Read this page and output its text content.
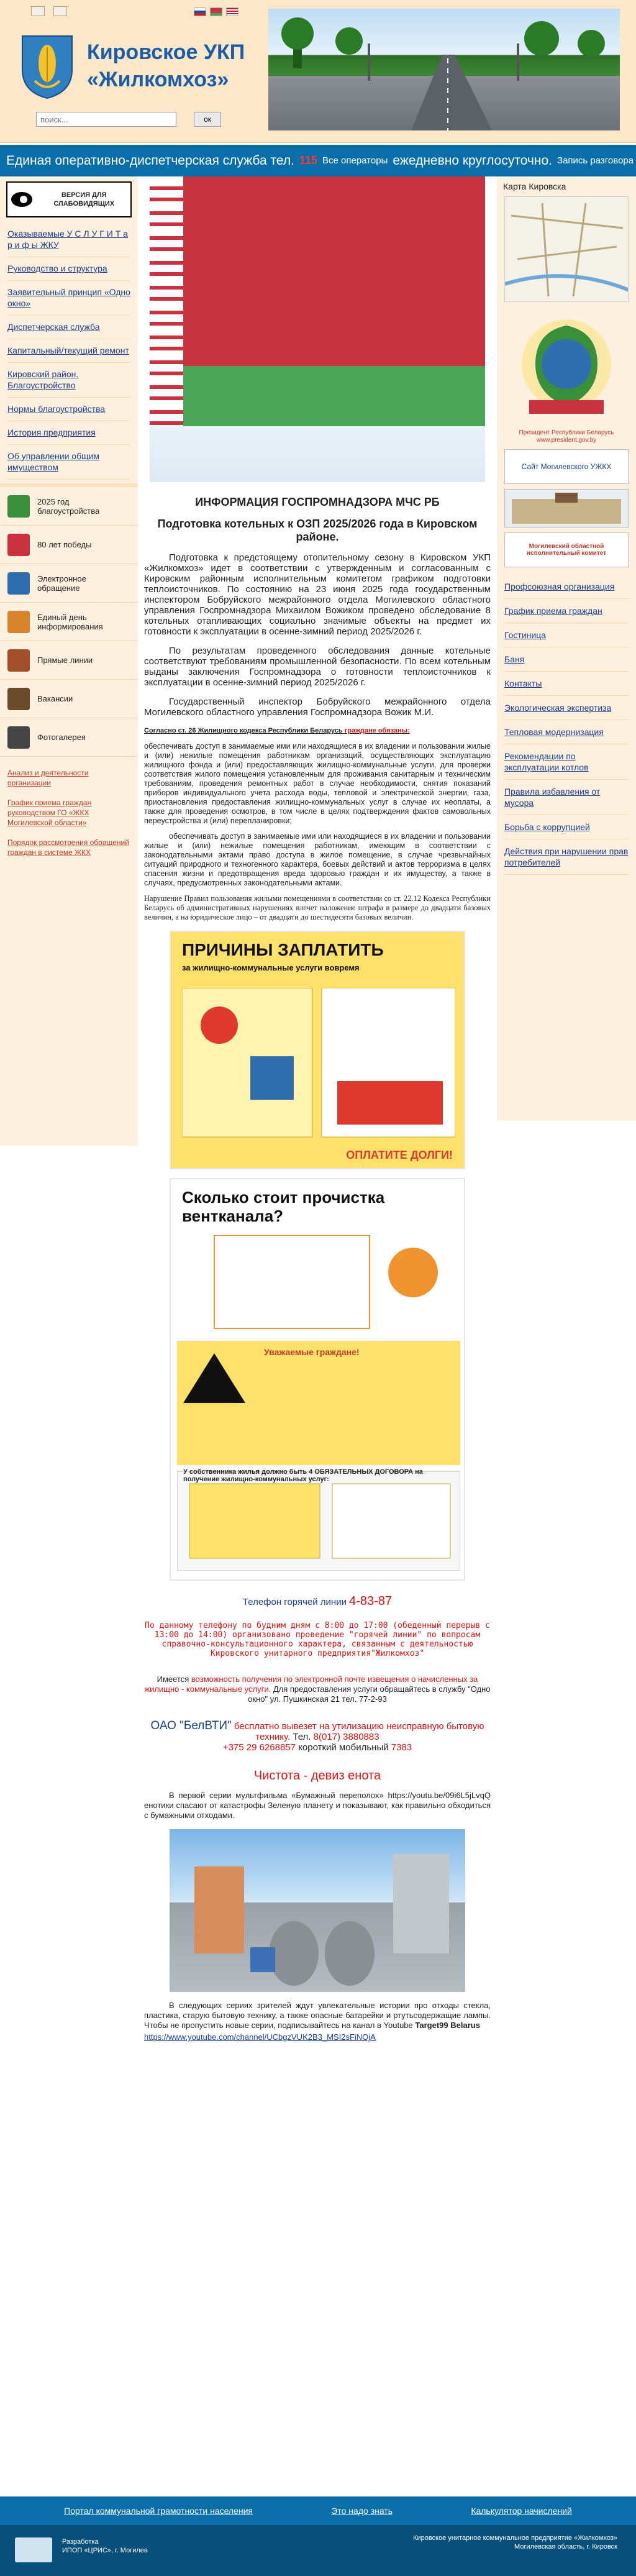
Кировское УКП
«Жилкомхоз»
поиск...
ок
Единая оперативно-диспетчерская служба тел. 115 Все операторы ежедневно круглосуточно. Запись разговора
ВЕРСИЯ ДЛЯ СЛАБОВИДЯЩИХ
Оказываемые У С Л У Г И Т а р и ф ы ЖКУ
Руководство и структура
Заявительный принцип «Одно окно»
Диспетчерская служба
Капитальный/текущий ремонт
Кировский район. Благоустройство
Нормы благоустройства
История предприятия
Об управлении общим имуществом
2025 год благоустройства
80 лет победы
Электронное обращение
Единый день информирования
Прямые линии
Вакансии
Фотогалерея
Анализ и деятельности организации
График приема граждан руководством ГО «ЖКХ Могилевской области»
Порядок рассмотрения обращений граждан в системе ЖКХ
ИНФОРМАЦИЯ ГОСПРОМНАДЗОРА МЧС РБ
Подготовка котельных к ОЗП 2025/2026 года в Кировском районе.

Подготовка к предстоящему отопительному сезону в Кировском УКП «Жилкомхоз» идет в соответствии с утвержденным и согласованным с Кировским районным исполнительным комитетом графиком подготовки теплоисточников. По состоянию на 23 июня 2025 года государственным инспектором Бобруйского межрайонного отдела Могилевского областного управления Госпромнадзора Михаилом Вожиком проведено обследование 8 котельных отапливающих социально значимые объекты на предмет их готовности к эксплуатации в осенне-зимний период 2025/2026 г.

По результатам проведенного обследования данные котельные соответствуют требованиям промышленной безопасности. По всем котельным выданы заключения Госпромнадзора о готовности теплоисточников к эксплуатации в осенне-зимний период 2025/2026 г.

Государственный инспектор Бобруйского межрайонного отдела Могилевского областного управления Госпромнадзора Вожик М.И.

Согласно ст. 26 Жилищного кодекса Республики Беларусь граждане обязаны:

обеспечивать доступ в занимаемые ими или находящиеся в их владении и пользовании жилые и (или) нежилые помещения работникам организаций, осуществляющих эксплуатацию жилищного фонда и (или) предоставляющих жилищно-коммунальные услуги, для проверки соответствия жилого помещения установленным для проживания санитарным и техническим требованиям, проведения ремонтных работ в случае необходимости, снятия показаний приборов индивидуального учета расхода воды, тепловой и электрической энергии, газа, приостановления предоставления жилищно-коммунальных услуг в случае их неоплаты, а также для проведения осмотров, в том числе в целях подтверждения фактов самовольных переустройства и (или) перепланировки;

обеспечивать доступ в занимаемые ими или находящиеся в их владении и пользовании жилые и (или) нежилые помещения работникам, имеющим в соответствии с законодательными актами право доступа в жилое помещение, в случае чрезвычайных ситуаций природного и техногенного характера, боевых действий и актов терроризма в целях спасения жизни и предотвращения вреда здоровью граждан и их имуществу, а также в случаях, предусмотренных законодательными актами.

Нарушение Правил пользования жилыми помещениями в соответствии со ст. 22.12 Кодекса Республики Беларусь об административных нарушениях влечет наложение штрафа в размере до двадцати базовых величин, а на юридическое лицо – от двадцати до шестидесяти базовых величин.

ПРИЧИНЫ ЗАПЛАТИТЬ
за жилищно-коммунальные услуги вовремя
ОПЛАТИТЕ ДОЛГИ!
Сколько стоит прочистка вентканала?
Уважаемые граждане!
У собственника жилья должно быть 4 ОБЯЗАТЕЛЬНЫХ ДОГОВОРА на получение жилищно-коммунальных услуг:
Телефон горячей линии 4-83-87

По данному телефону по будним дням с 8:00 до 17:00 (обеденный перерыв с 13:00 до 14:00) организовано проведение "горячей линии" по вопросам справочно-консультационного характера, связанным с деятельностью Кировского унитарного предприятия"Жилкомхоз"

Имеется возможность получения по электронной почте извещения о начисленных за жилищно - коммунальные услуги. Для предоставления услуги обращайтесь в службу "Одно окно" ул. Пушкинская 21 тел. 77-2-93

ОАО "БелВТИ" бесплатно вывезет на утилизацию неисправную бытовую технику. Тел. 8(017) 3880883
+375 29 6268857 короткий мобильный 7383
Чистота - девиз енота

В первой серии мультфильма «Бумажный переполох» https://youtu.be/09i6L5jLvqQ енотики спасают от катастрофы Зеленую планету и показывают, как правильно обходиться с бумажными отходами.

В следующих сериях зрителей ждут увлекательные истории про отходы стекла, пластика, старую бытовую технику, а также опасные батарейки и ртутьсодержащие лампы. Чтобы не пропустить новые серии, подписывайтесь на канал в Youtube Target99 Belarus

https://www.youtube.com/channel/UCbgzVUK2B3_MSI2sFiNOjA
Карта Кировска
Президент Республики Беларусь www.president.gov.by
Сайт Могилевского УЖКХ
Могилевский областной исполнительный комитет
Профсоюзная организация
График приема граждан
Гостиница
Баня
Контакты
Экологическая экспертиза
Тепловая модернизация
Рекомендации по эксплуатации котлов
Правила избавления от мусора
Борьба с коррупцией
Действия при нарушении прав потребителей
Портал коммунальной грамотности населения	Это надо знать	Калькулятор начислений
Разработка
ИПОП «ЦРИС», г. Могилев
Кировское унитарное коммунальное предприятие «Жилкомхоз»
Могилевская область, г. Кировск
